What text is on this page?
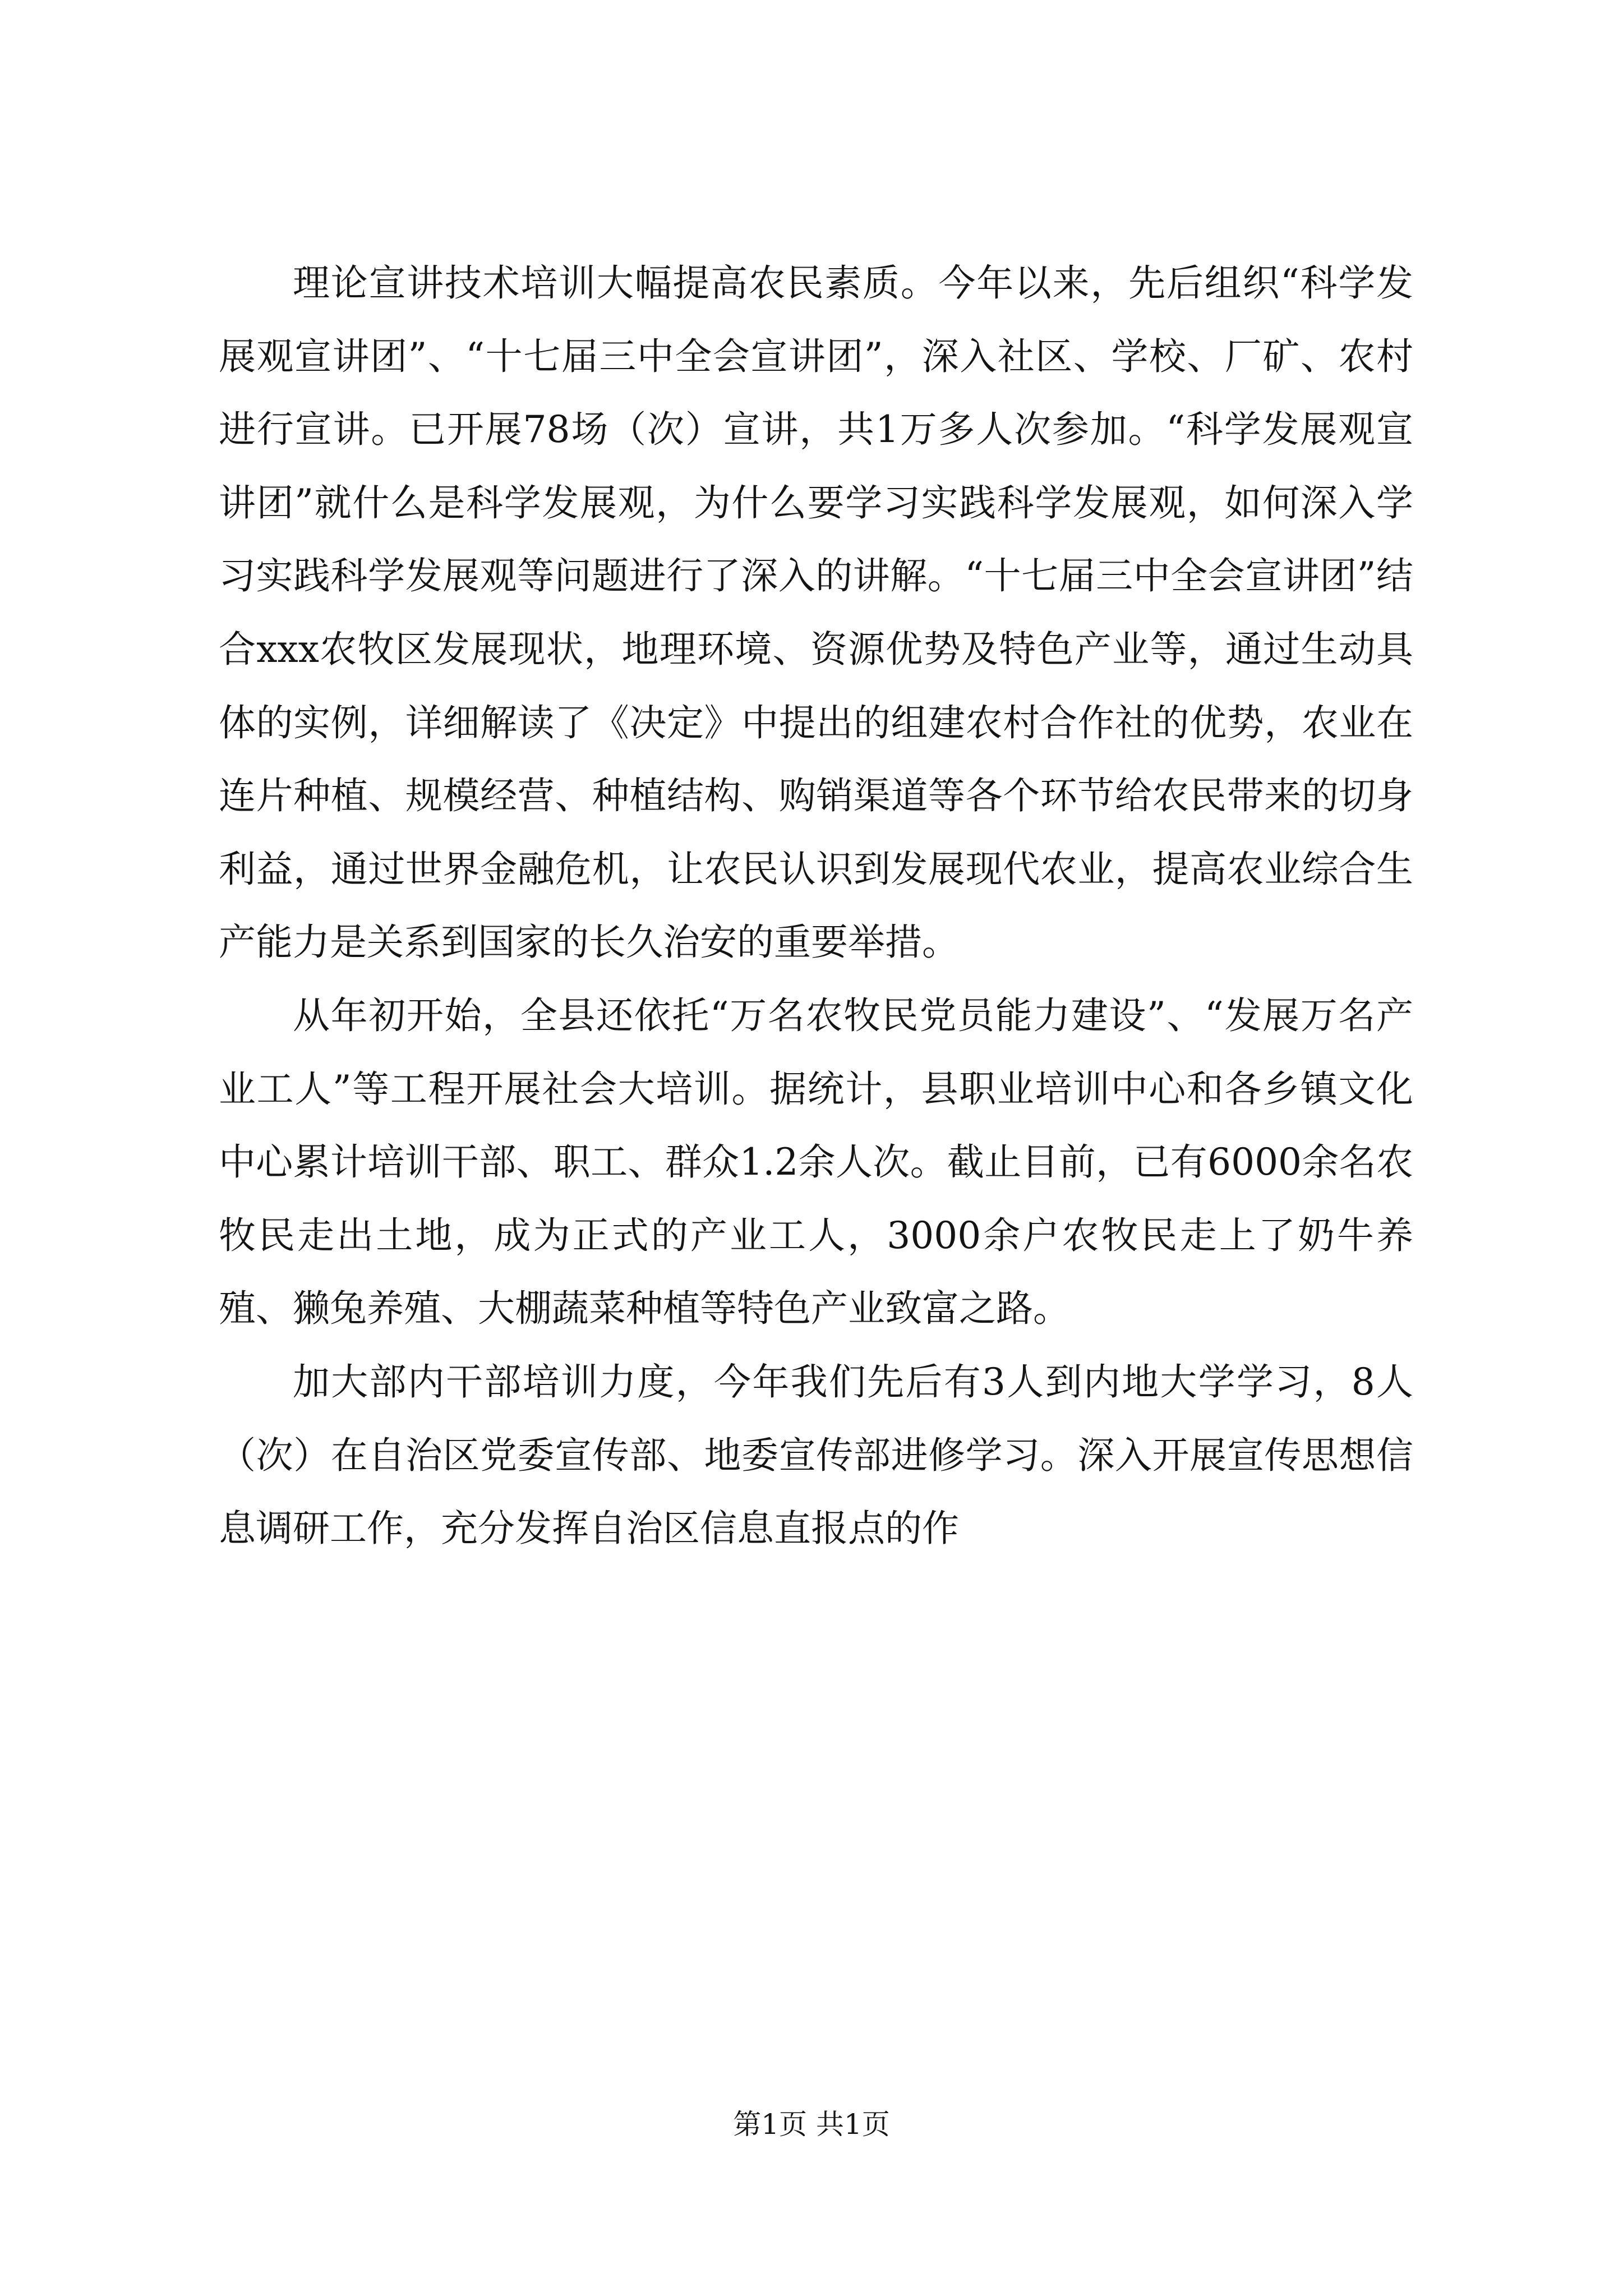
理论宣讲技术培训大幅提高农民素质。今年以来，先后组织“科学发展观宣讲团”、“十七届三中全会宣讲团”，深入社区、学校、厂矿、农村进行宣讲。已开展78场（次）宣讲，共1万多人次参加。“科学发展观宣讲团”就什么是科学发展观，为什么要学习实践科学发展观，如何深入学习实践科学发展观等问题进行了深入的讲解。“十七届三中全会宣讲团”结合xxx农牧区发展现状，地理环境、资源优势及特色产业等，通过生动具体的实例，详细解读了《决定》中提出的组建农村合作社的优势，农业在连片种植、规模经营、种植结构、购销渠道等各个环节给农民带来的切身利益，通过世界金融危机，让农民认识到发展现代农业，提高农业综合生产能力是关系到国家的长久治安的重要举措。

从年初开始，全县还依托“万名农牧民党员能力建设”、“发展万名产业工人”等工程开展社会大培训。据统计，县职业培训中心和各乡镇文化中心累计培训干部、职工、群众1.2余人次。截止目前，已有6000余名农牧民走出土地，成为正式的产业工人，3000余户农牧民走上了奶牛养殖、獭兔养殖、大棚蔬菜种植等特色产业致富之路。

加大部内干部培训力度，今年我们先后有3人到内地大学学习，8人（次）在自治区党委宣传部、地委宣传部进修学习。深入开展宣传思想信息调研工作，充分发挥自治区信息直报点的作

第1页 共1页
